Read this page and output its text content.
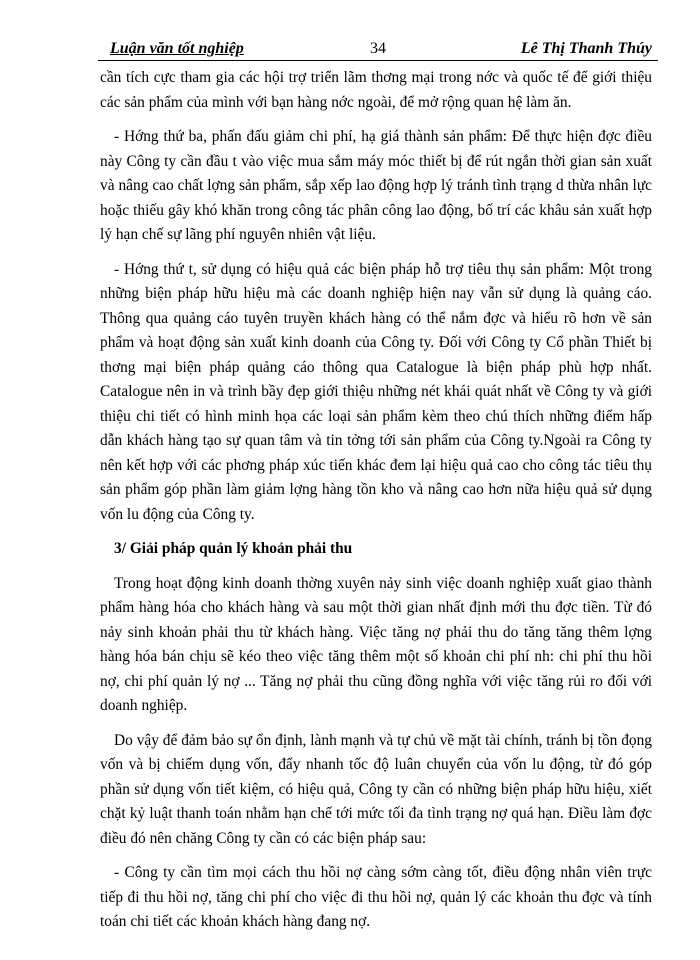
Luận văn tốt nghiệp	34	Lê Thị Thanh Thúy

cần tích cực tham gia các hội trợ triển lãm thơng mại trong nớc và quốc tế để giới thiệu các sản phẩm của mình với bạn hàng nớc ngoài, để mở rộng quan hệ làm ăn.

- Hớng thứ ba, phấn đấu giảm chi phí, hạ giá thành sản phẩm: Để thực hiện đợc điều này Công ty cần đầu t vào việc mua sắm máy móc thiết bị để rút ngắn thời gian sản xuất và nâng cao chất lợng sản phẩm, sắp xếp lao động hợp lý tránh tình trạng d thừa nhân lực hoặc thiếu gây khó khăn trong công tác phân công lao động, bố trí các khâu sản xuất hợp lý hạn chế sự lãng phí nguyên nhiên vật liệu.

- Hớng thứ t, sử dụng có hiệu quả các biện pháp hỗ trợ tiêu thụ sản phẩm: Một trong những biện pháp hữu hiệu mà các doanh nghiệp hiện nay vẫn sử dụng là quảng cáo. Thông qua quảng cáo tuyên truyền khách hàng có thể nắm đợc và hiểu rõ hơn về sản phẩm và hoạt động sản xuất kinh doanh của Công ty. Đối với Công ty Cổ phần Thiết bị thơng mại biện pháp quảng cáo thông qua Catalogue là biện pháp phù hợp nhất. Catalogue nên in và trình bầy đẹp giới thiệu những nét khái quát nhất về Công ty và giới thiệu chi tiết có hình minh họa các loại sản phẩm kèm theo chú thích những điểm hấp dẫn khách hàng tạo sự quan tâm và tin tởng tới sản phẩm của Công ty.Ngoài ra Công ty nên kết hợp với các phơng pháp xúc tiến khác đem lại hiệu quả cao cho công tác tiêu thụ sản phẩm góp phần làm giảm lợng hàng tồn kho và nâng cao hơn nữa hiệu quả sử dụng vốn lu động của Công ty.

3/ Giải pháp quản lý khoản phải thu

Trong hoạt động kinh doanh thờng xuyên nảy sinh việc doanh nghiệp xuất giao thành phẩm hàng hóa cho khách hàng và sau một thời gian nhất định mới thu đợc tiền. Từ đó nảy sinh khoản phải thu từ khách hàng. Việc tăng nợ phải thu do tăng tăng thêm lợng hàng hóa bán chịu sẽ kéo theo việc tăng thêm một số khoản chi phí nh: chi phí thu hồi nợ, chi phí quản lý nợ ... Tăng nợ phải thu cũng đồng nghĩa với việc tăng rủi ro đối với doanh nghiệp.

Do vậy để đảm bảo sự ổn định, lành mạnh và tự chủ về mặt tài chính, tránh bị tồn đọng vốn và bị chiếm dụng vốn, đẩy nhanh tốc độ luân chuyển của vốn lu động, từ đó góp phần sử dụng vốn tiết kiệm, có hiệu quả, Công ty cần có những biện pháp hữu hiệu, xiết chặt kỷ luật thanh toán nhằm hạn chế tới mức tối đa tình trạng nợ quá hạn. Điều làm đợc điều đó nên chăng Công ty cần có các biện pháp sau:

- Công ty cần tìm mọi cách thu hồi nợ càng sớm càng tốt, điều động nhân viên trực tiếp đi thu hồi nợ, tăng chi phí cho việc đi thu hồi nợ, quản lý các khoản thu đợc và tính toán chi tiết các khoản khách hàng đang nợ.
